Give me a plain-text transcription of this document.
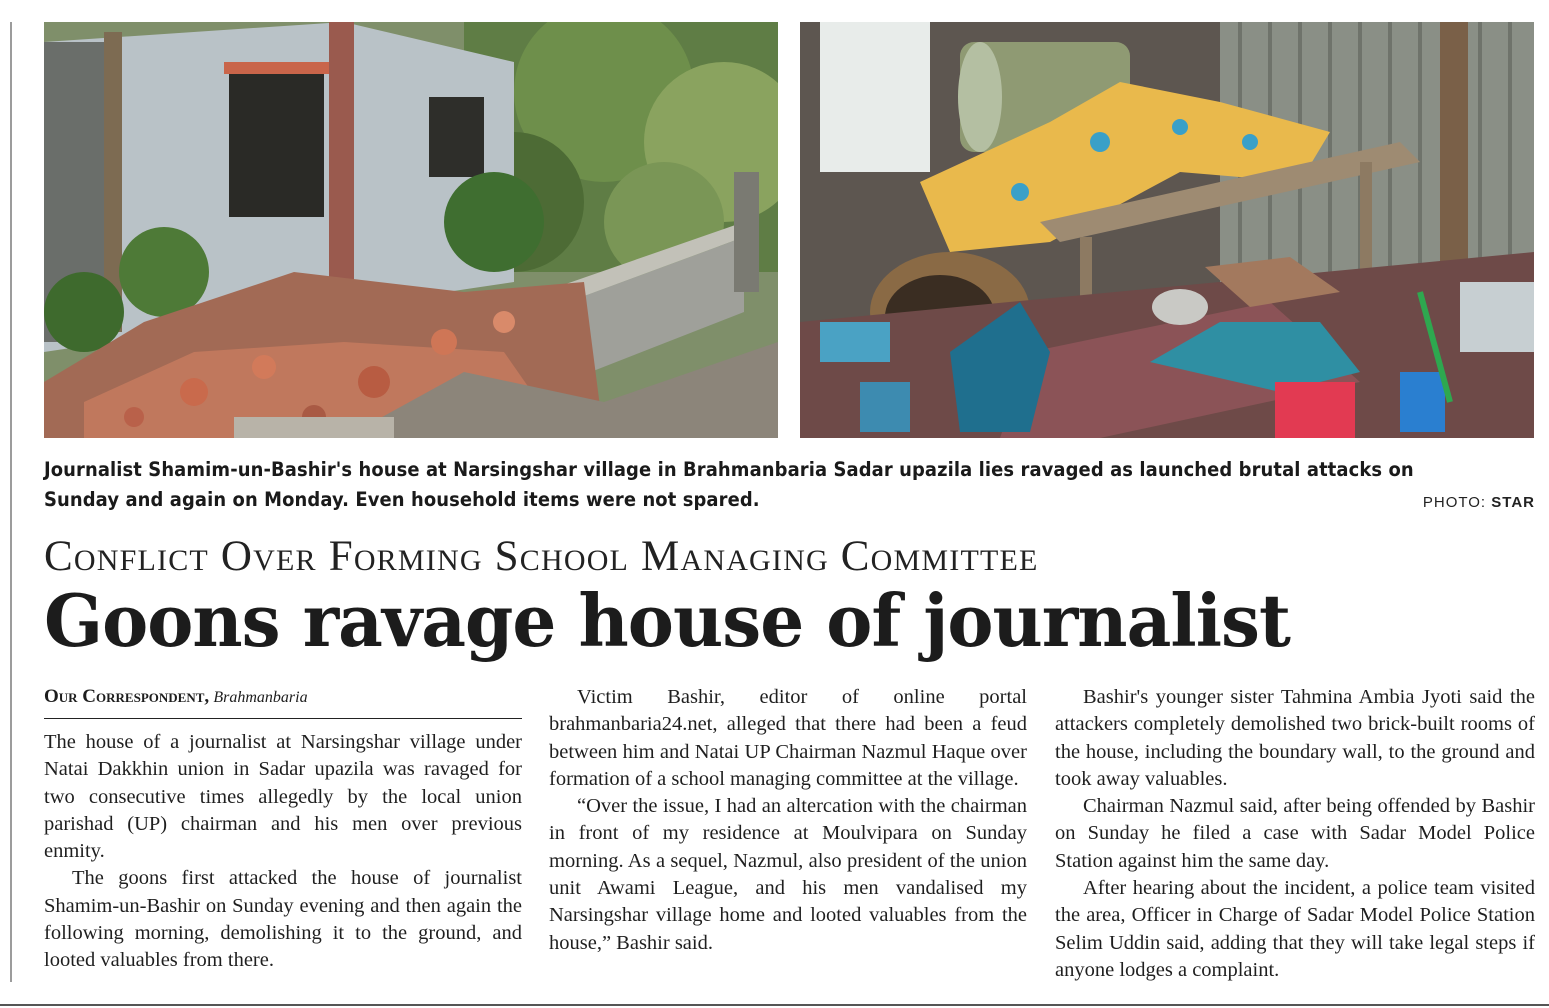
Journalist Shamim-un-Bashir's house at Narsingshar village in Brahmanbaria Sadar upazila lies ravaged as launched brutal attacks on Sunday and again on Monday. Even household items were not spared.	PHOTO: STAR
Conflict Over Forming School Managing Committee
Goons ravage house of journalist
Our Correspondent, Brahmanbaria

The house of a journalist at Narsingshar village under Natai Dakkhin union in Sadar upazila was ravaged for two consecutive times allegedly by the local union parishad (UP) chairman and his men over previous enmity.

The goons first attacked the house of journalist Shamim-un-Bashir on Sunday evening and then again the following morning, demolishing it to the ground, and looted valuables from there.

Victim Bashir, editor of online portal brahmanbaria24.net, alleged that there had been a feud between him and Natai UP Chairman Nazmul Haque over formation of a school managing committee at the village.

“Over the issue, I had an altercation with the chairman in front of my residence at Moulvipara on Sunday morning. As a sequel, Nazmul, also president of the union unit Awami League, and his men vandalised my Narsingshar village home and looted valuables from the house,” Bashir said.

Bashir's younger sister Tahmina Ambia Jyoti said the attackers completely demolished two brick-built rooms of the house, including the boundary wall, to the ground and took away valuables.

Chairman Nazmul said, after being offended by Bashir on Sunday he filed a case with Sadar Model Police Station against him the same day.

After hearing about the incident, a police team visited the area, Officer in Charge of Sadar Model Police Station Selim Uddin said, adding that they will take legal steps if anyone lodges a complaint.
